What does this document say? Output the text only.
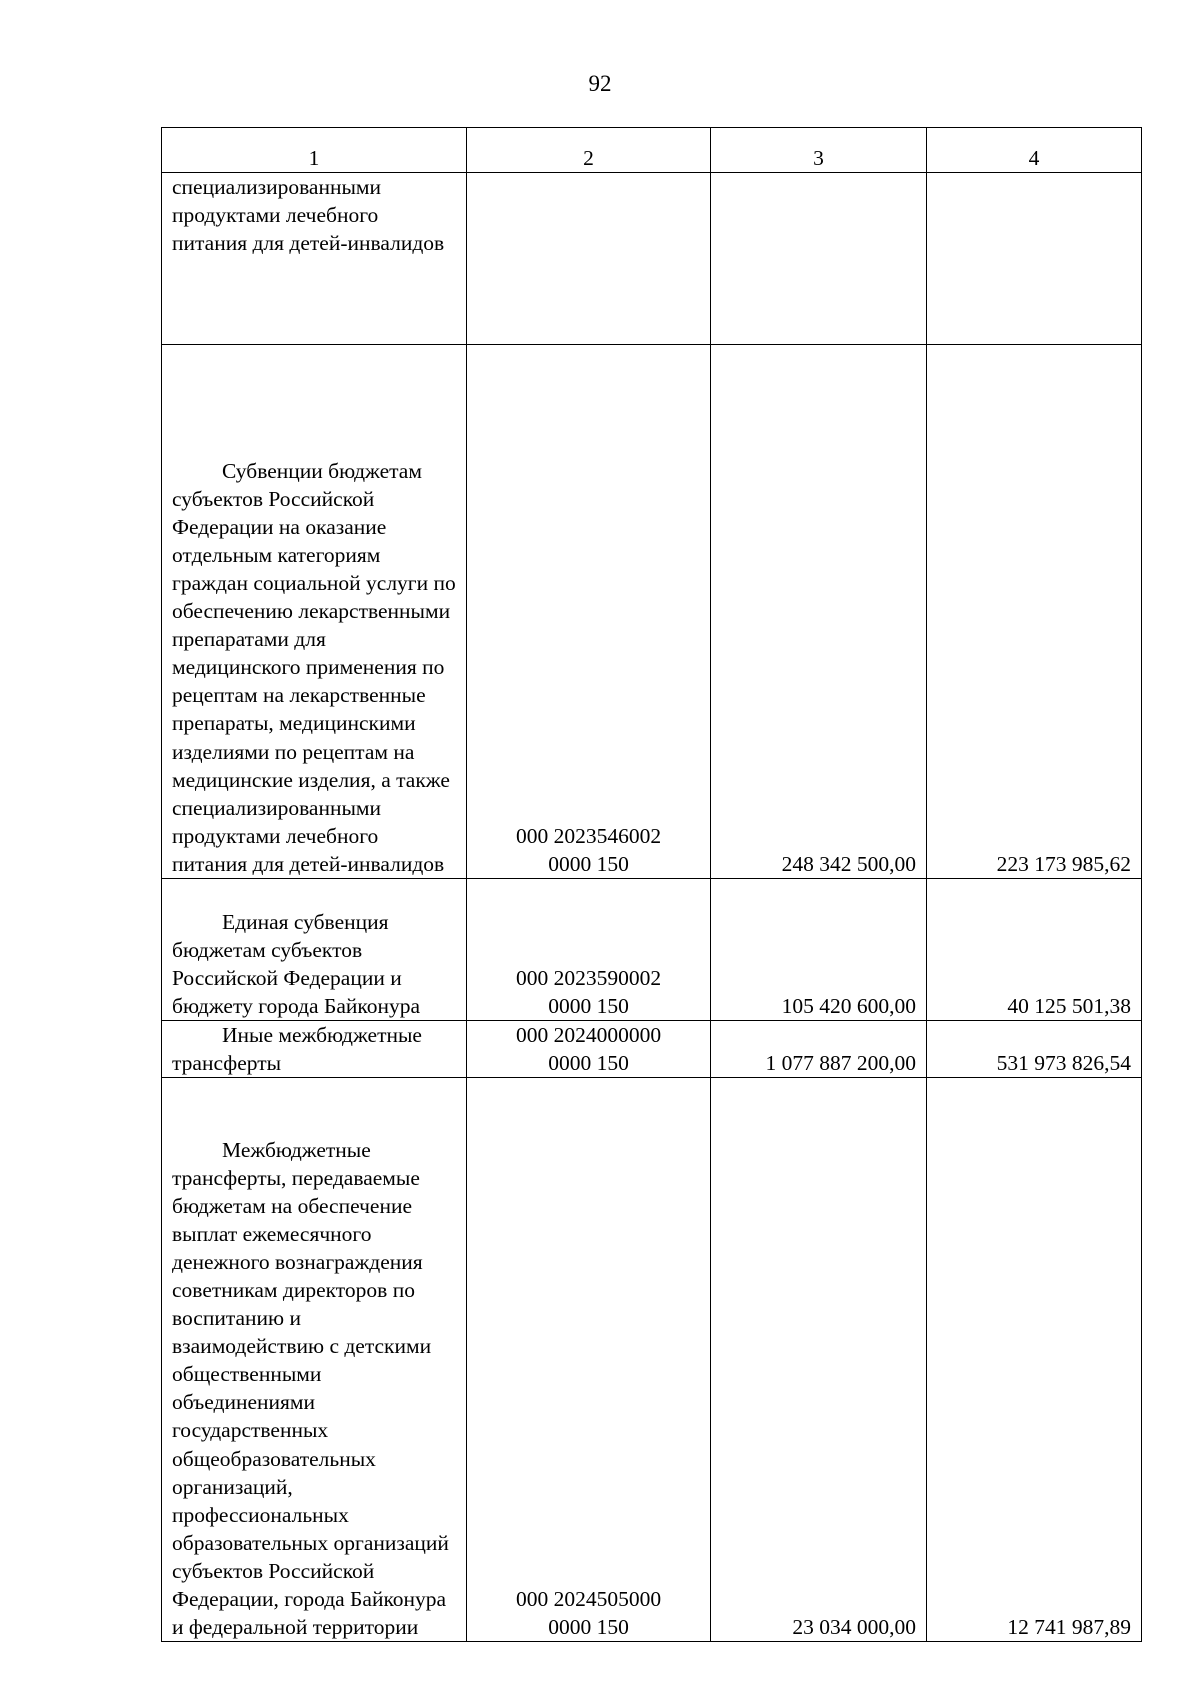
92
1	2	3	4

специализированными продуктами лечебного питания для детей-инвалидов			

Субвенции бюджетам субъектов Российской Федерации на оказание отдельным категориям граждан социальной услуги по обеспечению лекарственными препаратами для медицинского применения по рецептам на лекарственные препараты, медицинскими изделиями по рецептам на медицинские изделия, а также специализированными продуктами лечебного питания для детей-инвалидов	000 2023546002
0000 150	248 342 500,00	223 173 985,62

Единая субвенция бюджетам субъектов Российской Федерации и бюджету города Байконура	000 2023590002
0000 150	105 420 600,00	40 125 501,38

Иные межбюджетные трансферты	000 2024000000
0000 150	1 077 887 200,00	531 973 826,54

Межбюджетные трансферты, передаваемые бюджетам на обеспечение выплат ежемесячного денежного вознаграждения советникам директоров по воспитанию и взаимодействию с детскими общественными объединениями государственных общеобразовательных организаций, профессиональных образовательных организаций субъектов Российской Федерации, города Байконура и федеральной территории	000 2024505000
0000 150	23 034 000,00	12 741 987,89
